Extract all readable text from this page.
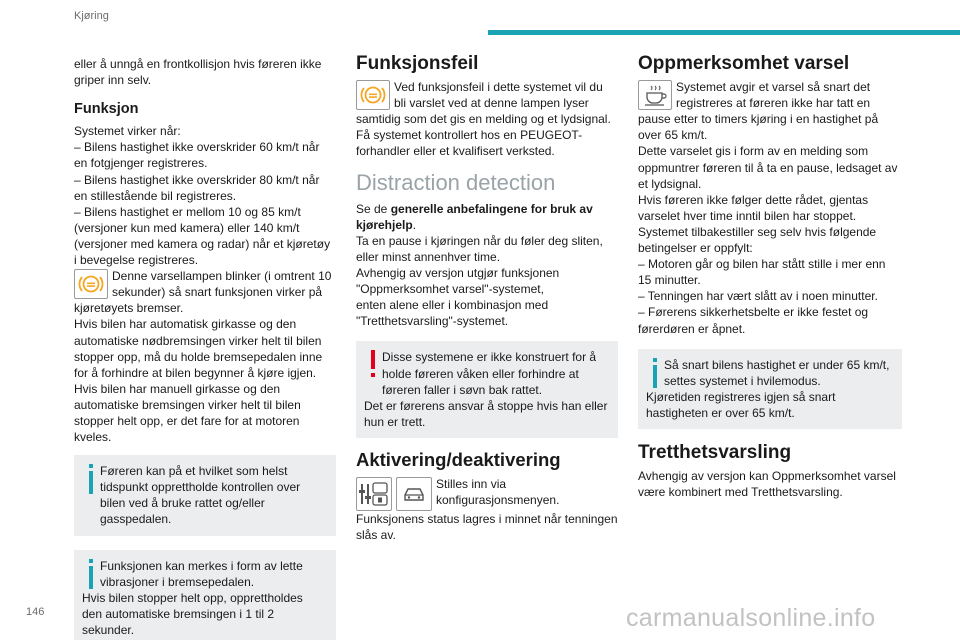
Kjøring
eller å unngå en frontkollisjon hvis føreren ikke griper inn selv.
Funksjon
Systemet virker når:
– Bilens hastighet ikke overskrider 60 km/t når en fotgjenger registreres.
– Bilens hastighet ikke overskrider 80 km/t når en stillestående bil registreres.
– Bilens hastighet er mellom 10 og 85 km/t (versjoner kun med kamera) eller 140 km/t (versjoner med kamera og radar) når et kjøretøy i bevegelse registreres.
Denne varsellampen blinker (i omtrent 10 sekunder) så snart funksjonen virker på kjøretøyets bremser.
Hvis bilen har automatisk girkasse og den automatiske nødbremsingen virker helt til bilen stopper opp, må du holde bremsepedalen inne for å forhindre at bilen begynner å kjøre igjen.
Hvis bilen har manuell girkasse og den automatiske bremsingen virker helt til bilen stopper helt opp, er det fare for at motoren kveles.
Føreren kan på et hvilket som helst tidspunkt opprettholde kontrollen over bilen ved å bruke rattet og/eller gasspedalen.
Funksjonen kan merkes i form av lette vibrasjoner i bremsepedalen.
Hvis bilen stopper helt opp, opprettholdes den automatiske bremsingen i 1 til 2 sekunder.
Funksjonsfeil
Ved funksjonsfeil i dette systemet vil du bli varslet ved at denne lampen lyser samtidig som det gis en melding og et lydsignal.
Få systemet kontrollert hos en PEUGEOT-forhandler eller et kvalifisert verksted.
Distraction detection
Se de generelle anbefalingene for bruk av kjørehjelp.
Ta en pause i kjøringen når du føler deg sliten, eller minst annenhver time.
Avhengig av versjon utgjør funksjonen "Oppmerksomhet varsel"-systemet,
enten alene eller i kombinasjon med "Tretthetsvarsling"-systemet.
Disse systemene er ikke konstruert for å holde føreren våken eller forhindre at føreren faller i søvn bak rattet.
Det er førerens ansvar å stoppe hvis han eller hun er trett.
Aktivering/deaktivering
Stilles inn via konfigurasjonsmenyen.
Funksjonens status lagres i minnet når tenningen slås av.
Oppmerksomhet varsel
Systemet avgir et varsel så snart det registreres at føreren ikke har tatt en pause etter to timers kjøring i en hastighet på over 65 km/t.
Dette varselet gis i form av en melding som oppmuntrer føreren til å ta en pause, ledsaget av et lydsignal.
Hvis føreren ikke følger dette rådet, gjentas varselet hver time inntil bilen har stoppet.
Systemet tilbakestiller seg selv hvis følgende betingelser er oppfylt:
– Motoren går og bilen har stått stille i mer enn 15 minutter.
– Tenningen har vært slått av i noen minutter.
– Førerens sikkerhetsbelte er ikke festet og førerdøren er åpnet.
Så snart bilens hastighet er under 65 km/t, settes systemet i hvilemodus.
Kjøretiden registreres igjen så snart hastigheten er over 65 km/t.
Tretthetsvarsling
Avhengig av versjon kan Oppmerksomhet varsel være kombinert med Tretthetsvarsling.
146	carmanualsonline.info
